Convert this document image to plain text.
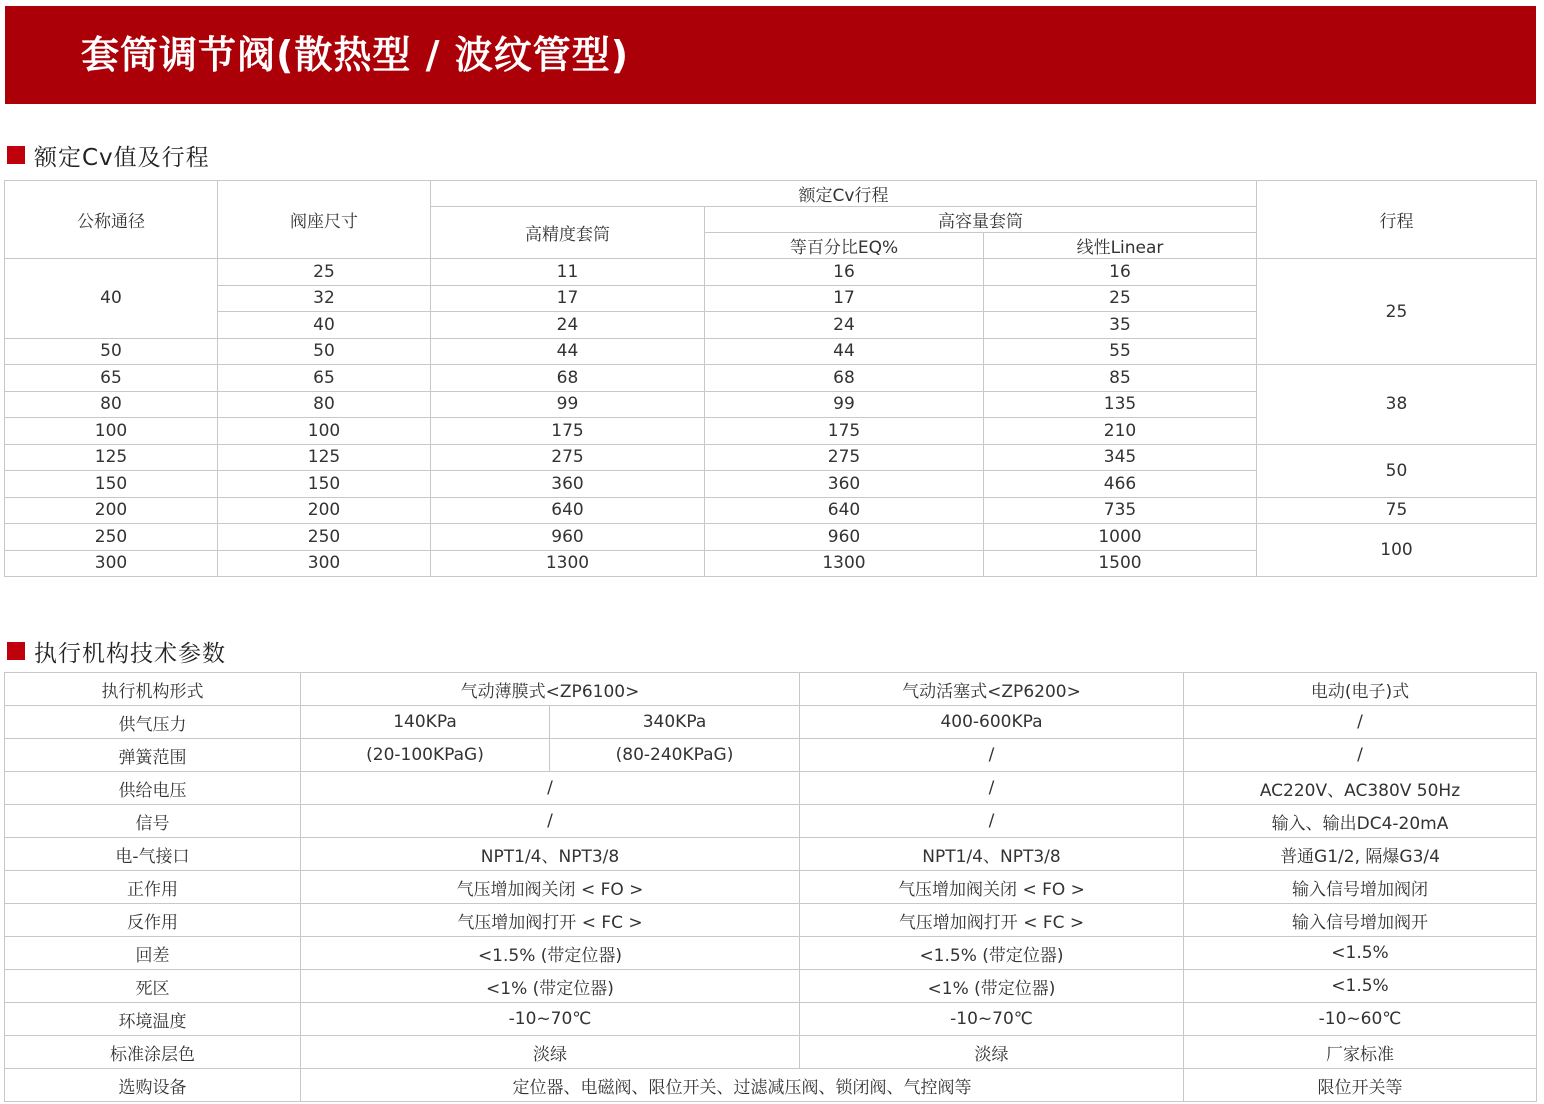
套筒调节阀(散热型 / 波纹管型)
额定Cv值及行程
公称通径	阀座尺寸	额定Cv行程			行程
		高精度套筒	高容量套筒		
			等百分比EQ%	线性Linear	
40	25	11	16	16	25
	32	17	17	25	
	40	24	24	35	
50	50	44	44	55	
65	65	68	68	85	38
80	80	99	99	135	
100	100	175	175	210	
125	125	275	275	345	50
150	150	360	360	466	
200	200	640	640	735	75
250	250	960	960	1000	100
300	300	1300	1300	1500	
执行机构技术参数
执行机构形式	气动薄膜式<ZP6100>		气动活塞式<ZP6200>	电动(电子)式
供气压力	140KPa	340KPa	400-600KPa	/
弹簧范围	(20-100KPaG)	(80-240KPaG)	/	/
供给电压	/		/	AC220V、AC380V 50Hz
信号	/		/	输入、输出DC4-20mA
电-气接口	NPT1/4、NPT3/8		NPT1/4、NPT3/8	普通G1/2, 隔爆G3/4
正作用	气压增加阀关闭 < FO >		气压增加阀关闭 < FO >	输入信号增加阀闭
反作用	气压增加阀打开 < FC >		气压增加阀打开 < FC >	输入信号增加阀开
回差	<1.5% (带定位器)		<1.5% (带定位器)	<1.5%
死区	<1% (带定位器)		<1% (带定位器)	<1.5%
环境温度	-10~70℃		-10~70℃	-10~60℃
标准涂层色	淡绿		淡绿	厂家标准
选购设备	定位器、电磁阀、限位开关、过滤减压阀、锁闭阀、气控阀等			限位开关等
